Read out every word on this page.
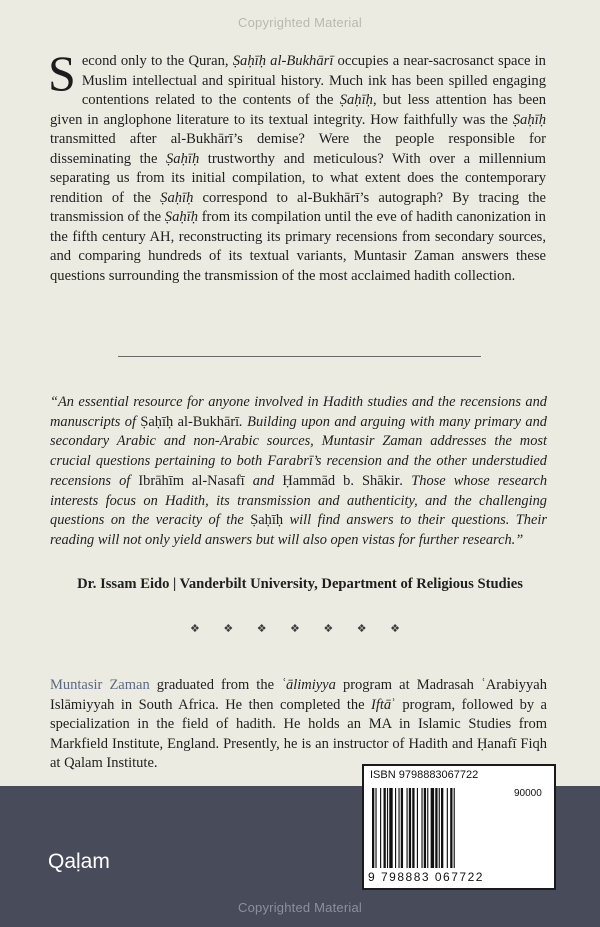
Copyrighted Material

S econd only to the Quran, Ṣaḥīḥ al-Bukhārī occupies a near-sacrosanct space in Muslim intellectual and spiritual history. Much ink has been spilled engaging contentions related to the contents of the Ṣaḥīḥ, but less attention has been given in anglophone literature to its textual integrity. How faithfully was the Ṣaḥīḥ transmitted after al-Bukhārī’s demise? Were the people responsible for disseminating the Ṣaḥīḥ trustworthy and meticulous? With over a millennium separating us from its initial compilation, to what extent does the contemporary rendition of the Ṣaḥīḥ correspond to al-Bukhārī’s autograph? By tracing the transmission of the Ṣaḥīḥ from its compilation until the eve of hadith canonization in the fifth century AH, reconstructing its primary recensions from secondary sources, and comparing hundreds of its textual variants, Muntasir Zaman answers these questions surrounding the transmission of the most acclaimed hadith collection.

“An essential resource for anyone involved in Hadith studies and the recensions and manuscripts of Ṣaḥīḥ al-Bukhārī. Building upon and arguing with many primary and secondary Arabic and non-Arabic sources, Muntasir Zaman addresses the most crucial questions pertaining to both Farabrī’s recension and the other understudied recensions of Ibrāhīm al-Nasafī and Ḥammād b. Shākir. Those whose research interests focus on Hadith, its transmission and authenticity, and the challenging questions on the veracity of the Ṣaḥīḥ will find answers to their questions. Their reading will not only yield answers but will also open vistas for further research.”

Dr. Issam Eido | Vanderbilt University, Department of Religious Studies
❖ ❖ ❖ ❖ ❖ ❖ ❖

Muntasir Zaman graduated from the ʿālimiyya program at Madrasah ʿArabiyyah Islāmiyyah in South Africa. He then completed the Iftāʾ program, followed by a specialization in the field of hadith. He holds an MA in Islamic Studies from Markfield Institute, England. Presently, he is an instructor of Hadith and Ḥanafī Fiqh at Qalam Institute.

Qaḷam
ISBN 9798883067722
90000
9 798883 067722
Copyrighted Material
